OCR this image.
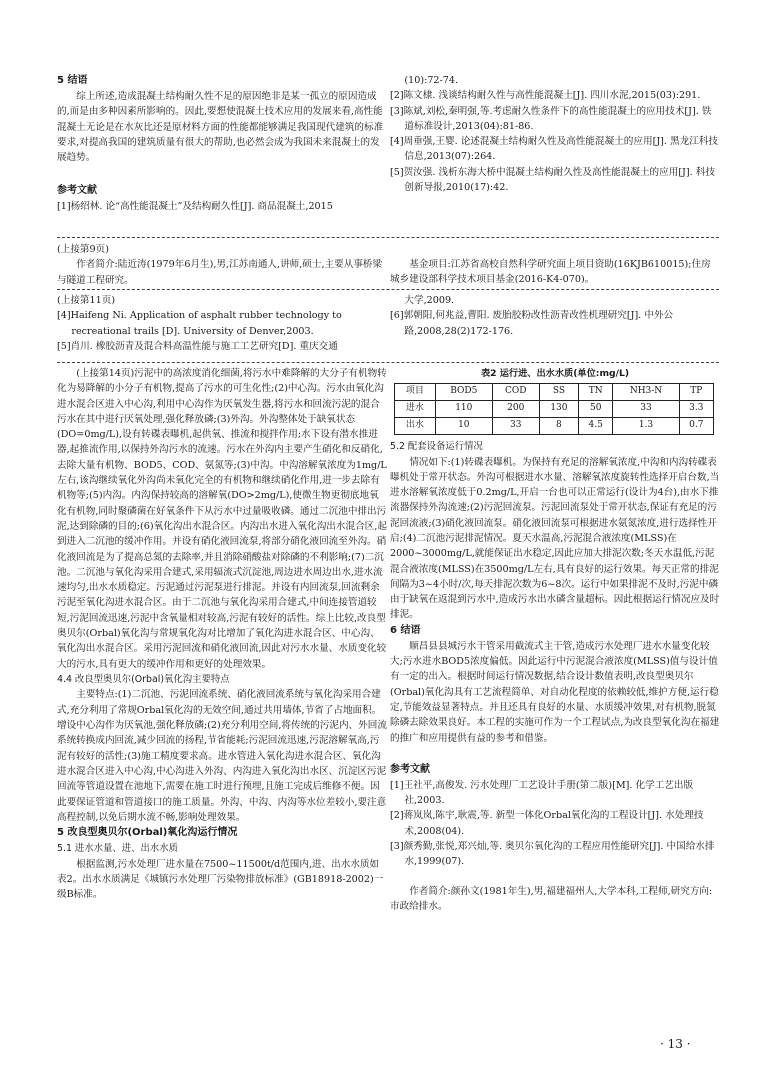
5 结语

综上所述,造成混凝土结构耐久性不足的原因绝非是某一孤立的原因造成的,而是由多种因素所影响的。因此,要想使混凝土技术应用的发展来看,高性能混凝土无论是在水灰比还是原材料方面的性能都能够满足我国现代建筑的标准要求,对提高我国的建筑质量有很大的帮助,也必然会成为我国未来混凝土的发展趋势。

参考文献

[1]杨绍林. 论“高性能混凝土”及结构耐久性[J]. 商品混凝土,2015

(10):72-74.

[2]陈文棣. 浅谈结构耐久性与高性能混凝土[J]. 四川水泥,2015(03):291.

[3]陈斌,刘松,秦明强,等.考虑耐久性条件下的高性能混凝土的应用技术[J]. 铁道标准设计,2013(04):81-86.

[4]周垂强,王婴. 论述混凝土结构耐久性及高性能混凝土的应用[J]. 黑龙江科技信息,2013(07):264.

[5]贺汝强. 浅析东海大桥中混凝土结构耐久性及高性能混凝土的应用[J]. 科技创新导报,2010(17):42.

(上接第9页)

作者简介:陆近涛(1979年6月生),男,江苏南通人,讲师,硕士,主要从事桥梁与隧道工程研究。

基金项目:江苏省高校自然科学研究面上项目资助(16KJB610015);住房城乡建设部科学技术项目基金(2016-K4-070)。

(上接第11页)

[4]Haifeng Ni. Application of asphalt rubber technology to recreational trails [D]. University of Denver,2003.

[5]肖川. 橡胶沥青及混合料高温性能与施工工艺研究[D]. 重庆交通

大学,2009.

[6]郭朝阳,何兆益,曹阳. 废胎胶粉改性沥青改性机理研究[J]. 中外公路,2008,28(2)172-176.

(上接第14页)污泥中的高浓度消化细菌,将污水中难降解的大分子有机物转化为易降解的小分子有机物,提高了污水的可生化性;(2)中心沟。污水由氧化沟进水混合区进入中心沟,利用中心沟作为厌氧发生器,将污水和回流污泥的混合污水在其中进行厌氧处理,强化释放磷;(3)外沟。外沟整体处于缺氧状态(DO=0mg/L),设有转碟表曝机,起供氧、推流和搅拌作用;水下设有潜水推进器,起推流作用,以保持外沟污水的流速。污水在外沟内主要产生硝化和反硝化,去除大量有机物、BOD5、COD、氨氮等;(3)中沟。中沟溶解氧浓度为1mg/L左右,该沟继续氧化外沟尚未氧化完全的有机物和继续硝化作用,进一步去除有机物等;(5)内沟。内沟保持较高的溶解氧(DO>2mg/L),使微生物更彻底地氧化有机物,同时聚磷菌在好氧条件下从污水中过量吸收磷。通过二沉池中排出污泥,达到除磷的目的;(6)氧化沟出水混合区。内沟出水进入氧化沟出水混合区,起到进入二沉池的缓冲作用。并设有硝化液回流泵,将部分硝化液回流至外沟。硝化液回流是为了提高总氮的去除率,并且消除硝酸盐对除磷的不利影响;(7)二沉池。二沉池与氧化沟采用合建式,采用辐流式沉淀池,周边进水周边出水,进水流速均匀,出水水质稳定。污泥通过污泥泵进行排泥。并设有内回流泵,回流剩余污泥至氧化沟进水混合区。由于二沉池与氧化沟采用合建式,中间连接管道较短,污泥回流迅速,污泥中含氧量相对较高,污泥有较好的活性。综上比较,改良型奥贝尔(Orbal)氧化沟与常规氧化沟对比增加了氧化沟进水混合区、中心沟、氧化沟出水混合区。采用污泥回流和硝化液回流,因此对污水水量、水质变化较大的污水,具有更大的缓冲作用和更好的处理效果。

4.4 改良型奥贝尔(Orbal)氧化沟主要特点

主要特点:(1)二沉池、污泥回流系统、硝化液回流系统与氧化沟采用合建式,充分利用了常规Orbal氧化沟的无效空间,通过共用墙体,节省了占地面积。增设中心沟作为厌氧池,强化释放磷;(2)充分利用空间,将传统的污泥内、外回流系统转换成内回流,减少回流的扬程,节省能耗;污泥回流迅速,污泥溶解氧高,污泥有较好的活性;(3)施工精度要求高。进水管进入氧化沟进水混合区、氧化沟进水混合区进入中心沟,中心沟进入外沟、内沟进入氧化沟出水区、沉淀区污泥回流等管道设置在池地下,需要在施工时进行预埋,且施工完成后维修不便。因此要保证管道和管道接口的施工质量。外沟、中沟、内沟等水位差较小,要注意高程控制,以免后期水流不畅,影响处理效果。

5 改良型奥贝尔(Orbal)氧化沟运行情况

5.1 进水水量、进、出水水质

根据监测,污水处理厂进水量在7500~11500t/d范围内,进、出水水质如表2。出水水质满足《城镇污水处理厂污染物排放标准》(GB18918-2002)一级B标准。

表2 运行进、出水水质(单位:mg/L)

项目	BOD5	COD	SS	TN	NH3-N	TP
进水	110	200	130	50	33	3.3
出水	10	33	8	4.5	1.3	0.7

5.2 配套设备运行情况

情况如下:(1)转碟表曝机。为保持有充足的溶解氧浓度,中沟和内沟转碟表曝机处于常开状态。外沟可根据进水水量、溶解氧浓度旋转性选择开启台数,当进水溶解氧浓度低于0.2mg/L,开启一台也可以正常运行(设计为4台),由水下推流器保持外沟流速;(2)污泥回流泵。污泥回流泵处于常开状态,保证有充足的污泥回流液;(3)硝化液回流泵。硝化液回流泵可根据进水氨氮浓度,进行选择性开启;(4)二沉池污泥排泥情况。夏天水温高,污泥混合液浓度(MLSS)在2000~3000mg/L,就能保证出水稳定,因此应加大排泥次数;冬天水温低,污泥混合液浓度(MLSS)在3500mg/L左右,具有良好的运行效果。每天正常的排泥间隔为3~4小时/次,每天排泥次数为6~8次。运行中如果排泥不及时,污泥中磷由于缺氧在返混到污水中,造成污水出水磷含量超标。因此根据运行情况应及时排泥。

6 结语

顺昌县县城污水干管采用截流式主干管,造成污水处理厂进水水量变化较大;污水进水BOD5浓度偏低。因此运行中污泥混合液浓度(MLSS)值与设计值有一定的出入。根据时间运行情况数据,结合设计数值表明,改良型奥贝尔(Orbal)氧化沟具有工艺流程简单、对自动化程度的依赖较低,维护方便,运行稳定,节能效益显著特点。并且还具有良好的水量、水质缓冲效果,对有机物,脱氮除磷去除效果良好。本工程的实施可作为一个工程试点,为改良型氧化沟在福建的推广和应用提供有益的参考和借鉴。

参考文献

[1]王社平,高俊发. 污水处理厂工艺设计手册(第二版)[M]. 化学工艺出版社,2003.

[2]蒋岚岚,陈宇,耿震,等. 新型一体化Orbal氧化沟的工程设计[J]. 水处理技术,2008(04).

[3]颜秀勤,张悦,郑兴灿,等. 奥贝尔氧化沟的工程应用性能研究[J]. 中国给水排水,1999(07).

作者简介:颜孙文(1981年生),男,福建福州人,大学本科,工程师,研究方向:市政给排水。

· 13 ·
